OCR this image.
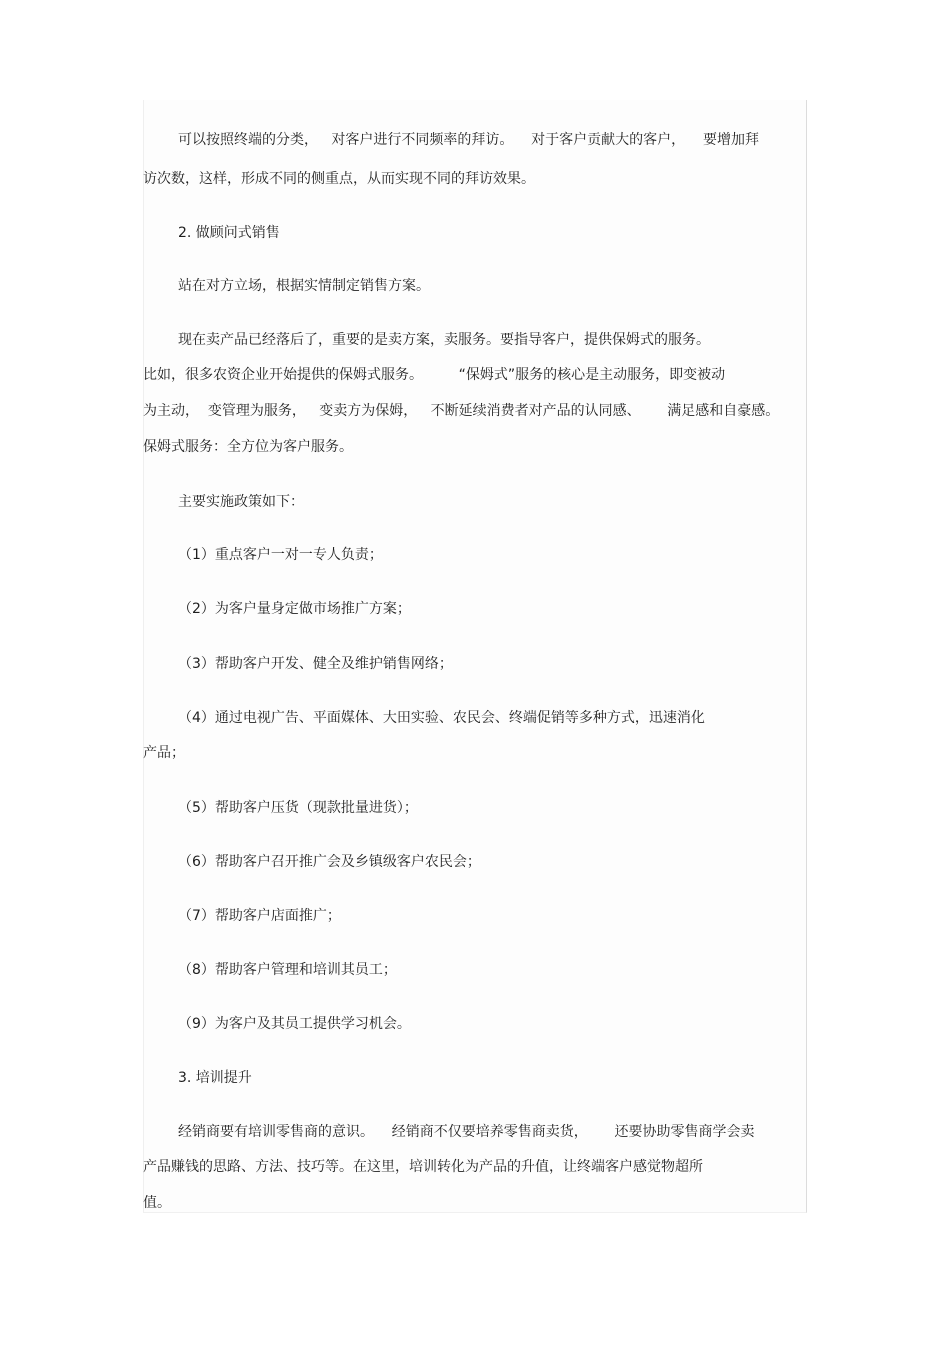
可以按照终端的分类，   对客户进行不同频率的拜访。    对于客户贡献大的客户，    要增加拜
访次数，这样，形成不同的侧重点，从而实现不同的拜访效果。
2. 做顾问式销售
站在对方立场，根据实情制定销售方案。
现在卖产品已经落后了，重要的是卖方案，卖服务。要指导客户，提供保姆式的服务。
比如，很多农资企业开始提供的保姆式服务。        “保姆式”服务的核心是主动服务，即变被动
为主动，  变管理为服务，   变卖方为保姆，   不断延续消费者对产品的认同感、      满足感和自豪感。
保姆式服务：全方位为客户服务。
主要实施政策如下：
（1）重点客户一对一专人负责；
（2）为客户量身定做市场推广方案；
（3）帮助客户开发、健全及维护销售网络；
（4）通过电视广告、平面媒体、大田实验、农民会、终端促销等多种方式，迅速消化
产品；
（5）帮助客户压货（现款批量进货）；
（6）帮助客户召开推广会及乡镇级客户农民会；
（7）帮助客户店面推广；
（8）帮助客户管理和培训其员工；
（9）为客户及其员工提供学习机会。
3. 培训提升
经销商要有培训零售商的意识。    经销商不仅要培养零售商卖货，      还要协助零售商学会卖
产品赚钱的思路、方法、技巧等。在这里，培训转化为产品的升值，让终端客户感觉物超所
值。
